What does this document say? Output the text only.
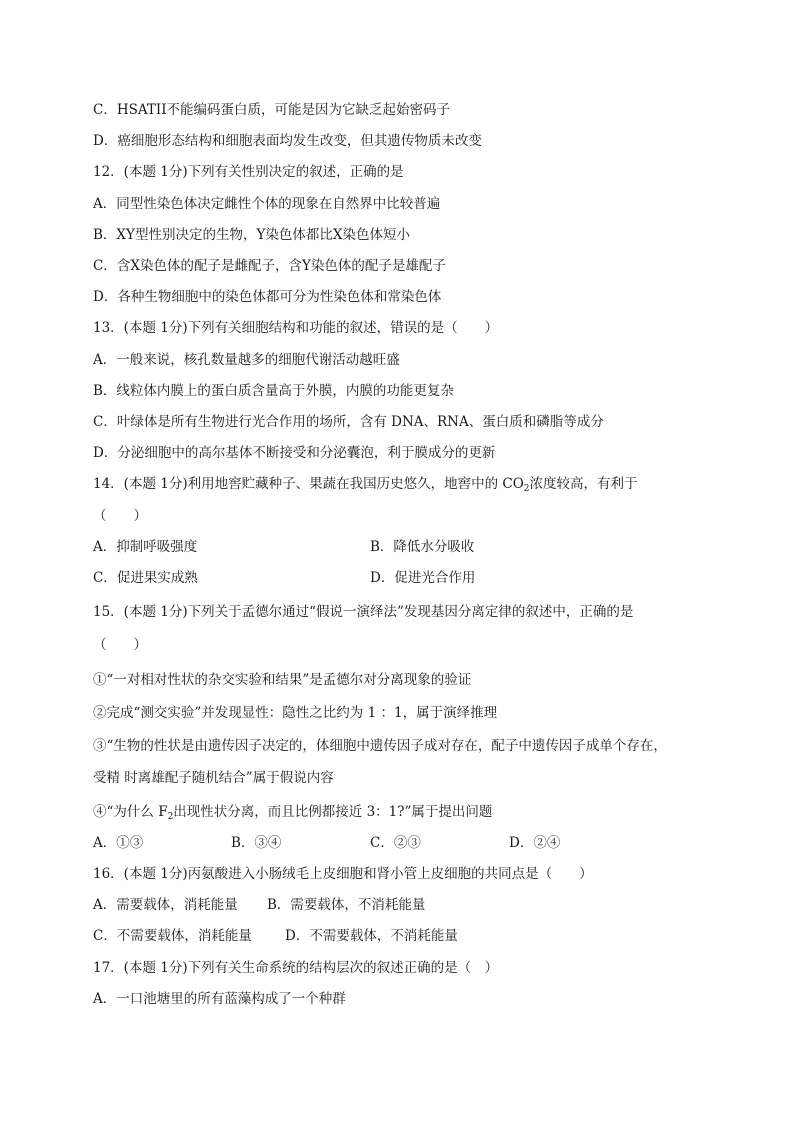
C．HSATII不能编码蛋白质，可能是因为它缺乏起始密码子
D．癌细胞形态结构和细胞表面均发生改变，但其遗传物质未改变
12．(本题 1分)下列有关性别决定的叙述，正确的是
A．同型性染色体决定雌性个体的现象在自然界中比较普遍
B．XY型性别决定的生物，Y染色体都比X染色体短小
C．含X染色体的配子是雌配子，含Y染色体的配子是雄配子
D．各种生物细胞中的染色体都可分为性染色体和常染色体
13．(本题 1分)下列有关细胞结构和功能的叙述，错误的是（　　）
A．一般来说，核孔数量越多的细胞代谢活动越旺盛
B．线粒体内膜上的蛋白质含量高于外膜，内膜的功能更复杂
C．叶绿体是所有生物进行光合作用的场所，含有 DNA、RNA、蛋白质和磷脂等成分
D．分泌细胞中的高尔基体不断接受和分泌囊泡，利于膜成分的更新
14．(本题 1分)利用地窖贮藏种子、果蔬在我国历史悠久，地窖中的 $CO_2$浓度较高，有利于
（　　）
A．抑制呼吸强度	B．降低水分吸收
C．促进果实成熟	D．促进光合作用
15．(本题 1分)下列关于孟德尔通过“假说一演绎法”发现基因分离定律的叙述中，正确的是
（　　）
①“一对相对性状的杂交实验和结果”是孟德尔对分离现象的验证
②完成“测交实验”并发现显性：隐性之比约为 1 ：1，属于演绎推理
③“生物的性状是由遗传因子决定的，体细胞中遗传因子成对存在，配子中遗传因子成单个存在，
受精 时离雄配子随机结合”属于假说内容
④“为什么 $F_2$出现性状分离，而且比例都接近 3：1?”属于提出问题
A．①③	B．③④	C．②③	D．②④
16．(本题 1分)丙氨酸进入小肠绒毛上皮细胞和肾小管上皮细胞的共同点是（　　）
A．需要载体，消耗能量 B．需要载体，不消耗能量
C．不需要载体，消耗能量 D．不需要载体，不消耗能量
17．(本题 1分)下列有关生命系统的结构层次的叙述正确的是（　）
A．一口池塘里的所有蓝藻构成了一个种群
